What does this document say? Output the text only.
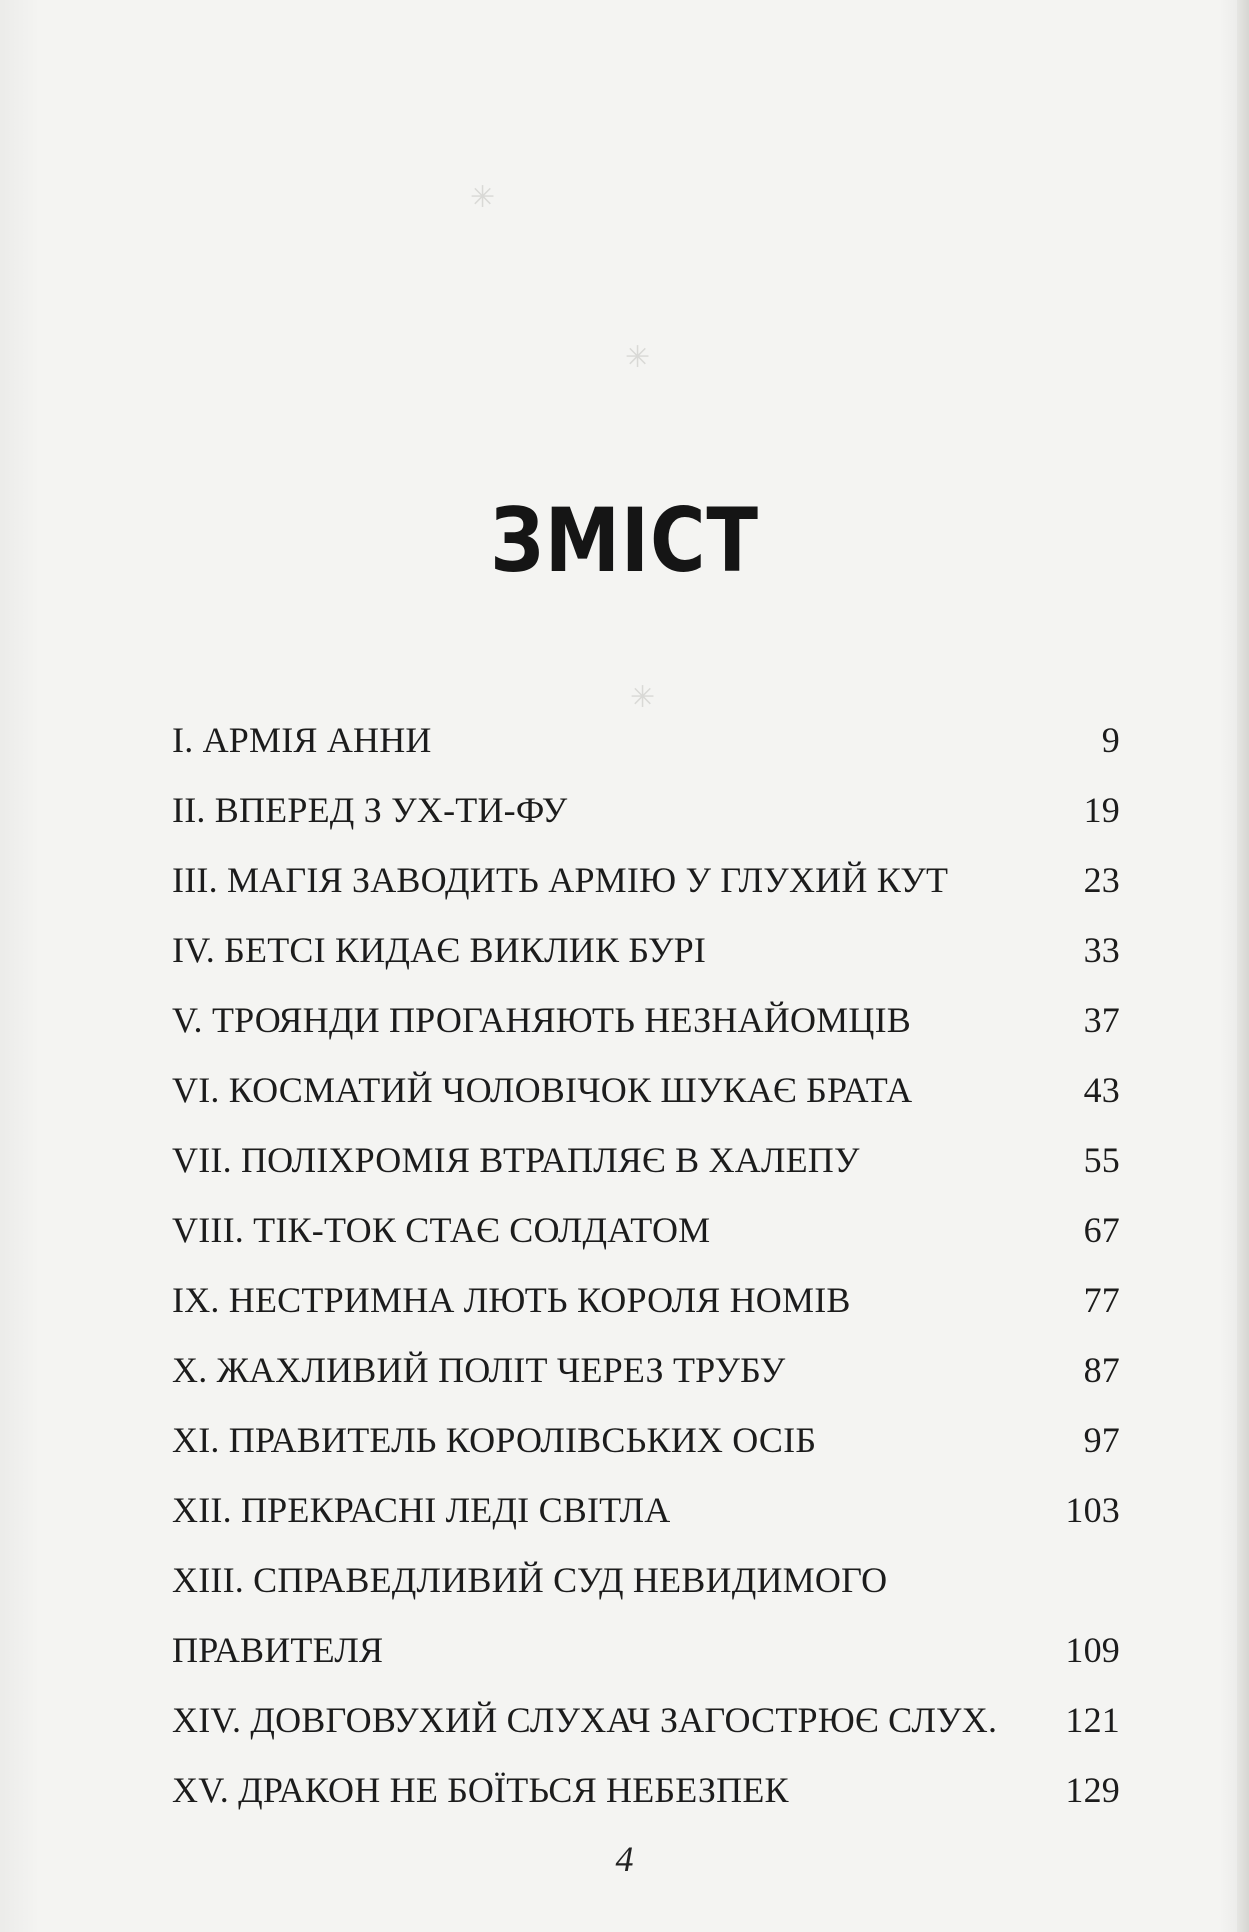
✳
✳
✳
ЗМІСТ
I. АРМІЯ АННИ	9
II. ВПЕРЕД З УХ-ТИ-ФУ	19
III. МАГІЯ ЗАВОДИТЬ АРМІЮ У ГЛУХИЙ КУТ	23
IV. БЕТСІ КИДАЄ ВИКЛИК БУРІ	33
V. ТРОЯНДИ ПРОГАНЯЮТЬ НЕЗНАЙОМЦІВ	37
VI. КОСМАТИЙ ЧОЛОВІЧОК ШУКАЄ БРАТА	43
VII. ПОЛІХРОМІЯ ВТРАПЛЯЄ В ХАЛЕПУ	55
VIII. ТІК-ТОК СТАЄ СОЛДАТОМ	67
IX. НЕСТРИМНА ЛЮТЬ КОРОЛЯ НОМІВ	77
X. ЖАХЛИВИЙ ПОЛІТ ЧЕРЕЗ ТРУБУ	87
XI. ПРАВИТЕЛЬ КОРОЛІВСЬКИХ ОСІБ	97
XII. ПРЕКРАСНІ ЛЕДІ СВІТЛА	103
XIII. СПРАВЕДЛИВИЙ СУД НЕВИДИМОГО
ПРАВИТЕЛЯ	109
XIV. ДОВГОВУХИЙ СЛУХАЧ ЗАГОСТРЮЄ СЛУХ. 121
XV. ДРАКОН НЕ БОЇТЬСЯ НЕБЕЗПЕК	129
4
